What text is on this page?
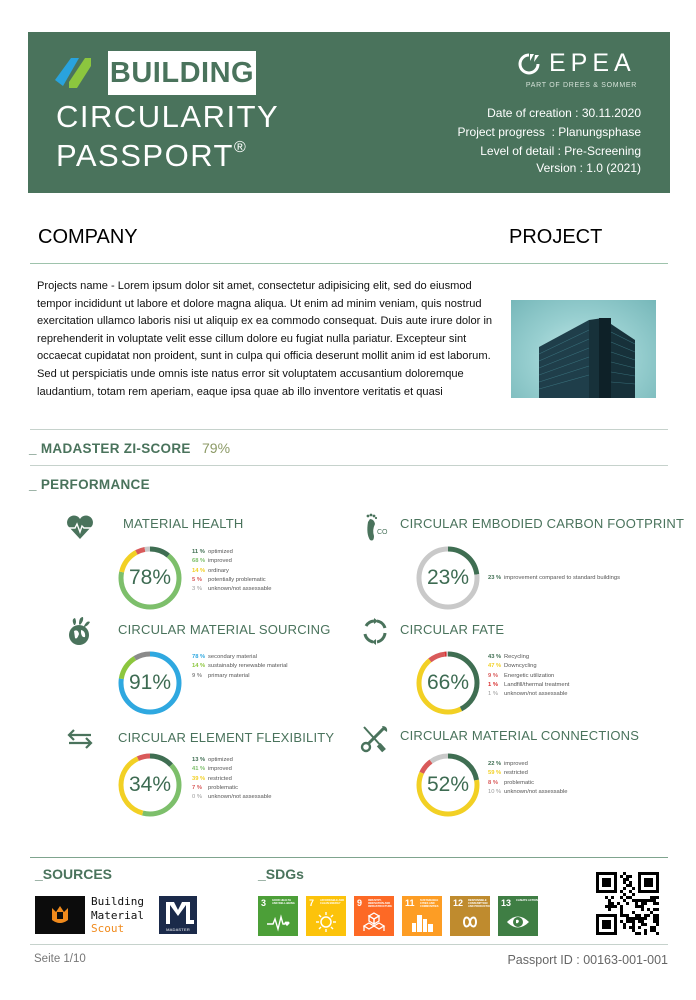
BUILDING
CIRCULARITY
PASSPORT®
EPEA
PART OF DREES & SOMMER
Date of creation : 30.11.2020
Project progress  : Planungsphase
Level of detail : Pre-Screening
Version : 1.0 (2021)
COMPANY	PROJECT
Projects name - Lorem ipsum dolor sit amet, consectetur adipisicing elit, sed do eiusmod tempor incididunt ut labore et dolore magna aliqua. Ut enim ad minim veniam, quis nostrud exercitation ullamco laboris nisi ut aliquip ex ea commodo consequat. Duis aute irure dolor in reprehenderit in voluptate velit esse cillum dolore eu fugiat nulla pariatur. Excepteur sint occaecat cupidatat non proident, sunt in culpa qui officia deserunt mollit anim id est laborum. Sed ut perspiciatis unde omnis iste natus error sit voluptatem accusantium doloremque laudantium, totam rem aperiam, eaque ipsa quae ab illo inventore veritatis et quasi
_ MADASTER ZI-SCORE 79%
_ PERFORMANCE
MATERIAL HEALTH
78%
11 % optimized
68 % improved
14 % ordinary
5 % potentially problematic
3 % unknown/not assessable
CO
CIRCULAR EMBODIED CARBON FOOTPRINT
23%	23 % improvement compared to standard buildings
CIRCULAR MATERIAL SOURCING
91%
78 % secondary material
14 % sustainably renewable material
9 % primary material
CIRCULAR FATE
66%
43 % Recycling
47 % Downcycling
9 % Energetic utilization
1 % Landfill/thermal treatment
1 % unknown/not assessable
CIRCULAR ELEMENT FLEXIBILITY
34%
13 % optimized
41 % improved
39 % restricted
7 % problematic
0 % unknown/not assessable
CIRCULAR MATERIAL CONNECTIONS
52%
22 % improved
59 % restricted
8 % problematic
10 % unknown/not assessable
_SOURCES
Building
Material
Scout	MADASTER
_SDGs
3 GOOD HEALTH AND WELL-BEING 7 AFFORDABLE AND CLEAN ENERGY	9 INDUSTRY, INNOVATION AND INFRASTRUCTURE 11 SUSTAINABLE CITIES AND COMMUNITIES	12 RESPONSIBLE CONSUMPTION AND PRODUCTION 13 CLIMATE ACTION
Seite 1/10	Passport ID : 00163-001-001
